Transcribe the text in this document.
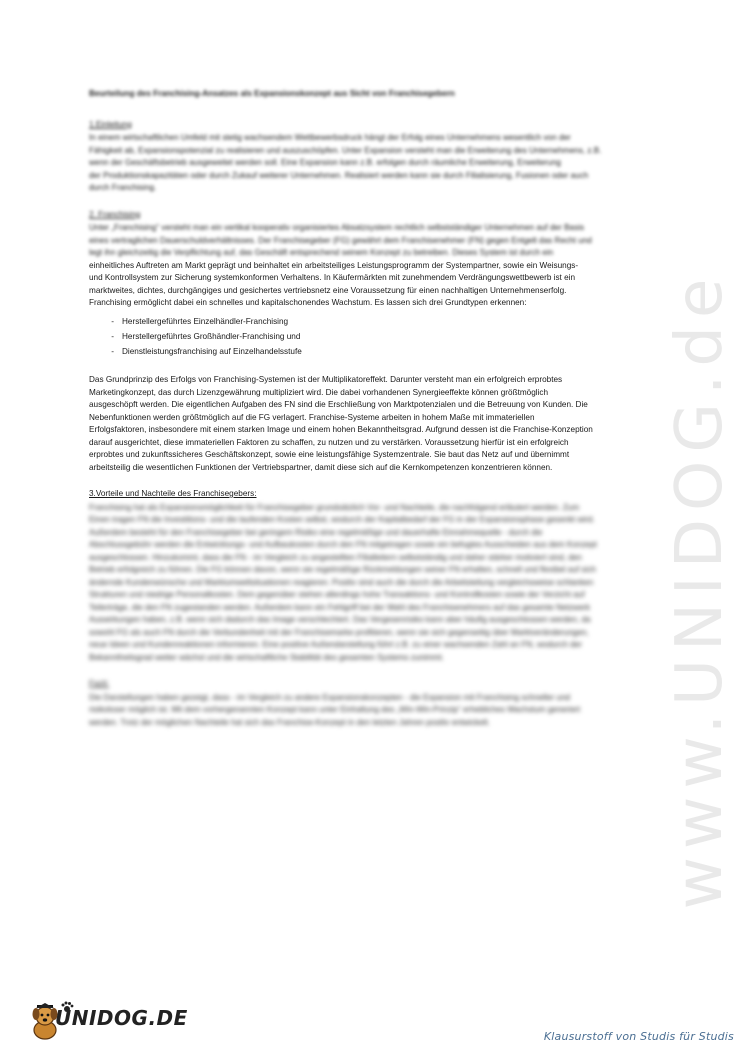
www.UNIDOG.de
Beurteilung des Franchising-Ansatzes als Expansionskonzept aus Sicht von Franchisegebern
1.Einleitung
In einem wirtschaftlichen Umfeld mit stetig wachsendem Wettbewerbsdruck hängt der Erfolg eines Unternehmens wesentlich von der
Fähigkeit ab, Expansionspotenzial zu realisieren und auszuschöpfen. Unter Expansion versteht man die Erweiterung des Unternehmens, z.B.
wenn der Geschäftsbetrieb ausgeweitet werden soll. Eine Expansion kann z.B. erfolgen durch räumliche Erweiterung, Erweiterung
der Produktionskapazitäten oder durch Zukauf weiterer Unternehmen. Realisiert werden kann sie durch Filialisierung, Fusionen oder auch
durch Franchising.
2. Franchising
Unter „Franchising“ versteht man ein vertikal kooperativ organisiertes Absatzsystem rechtlich selbstständiger Unternehmen auf der Basis
eines vertraglichen Dauerschuldverhältnisses. Der Franchisegeber (FG) gewährt dem Franchisenehmer (FN) gegen Entgelt das Recht und
legt ihn gleichzeitig die Verpflichtung auf, das Geschäft entsprechend seinem Konzept zu betreiben. Dieses System ist durch ein
einheitliches Auftreten am Markt geprägt und beinhaltet ein arbeitsteiliges Leistungsprogramm der Systempartner, sowie ein Weisungs-
und Kontrollsystem zur Sicherung systemkonformen Verhaltens. In Käufermärkten mit zunehmendem Verdrängungswettbewerb ist ein
marktweites, dichtes, durchgängiges und gesichertes vertriebsnetz eine Voraussetzung für einen nachhaltigen Unternehmenserfolg.
Franchising ermöglicht dabei ein schnelles und kapitalschonendes Wachstum. Es lassen sich drei Grundtypen erkennen:
- Herstellergeführtes Einzelhändler-Franchising
- Herstellergeführtes Großhändler-Franchising und
- Dienstleistungsfranchising auf Einzelhandelsstufe
Das Grundprinzip des Erfolgs von Franchising-Systemen ist der Multiplikatoreffekt. Darunter versteht man ein erfolgreich erprobtes
Marketingkonzept, das durch Lizenzgewährung multipliziert wird. Die dabei vorhandenen Synergieeffekte können größtmöglich
ausgeschöpft werden. Die eigentlichen Aufgaben des FN sind die Erschließung von Marktpotenzialen und die Betreuung von Kunden. Die
Nebenfunktionen werden größtmöglich auf die FG verlagert. Franchise-Systeme arbeiten in hohem Maße mit immateriellen
Erfolgsfaktoren, insbesondere mit einem starken Image und einem hohen Bekanntheitsgrad. Aufgrund dessen ist die Franchise-Konzeption
darauf ausgerichtet, diese immateriellen Faktoren zu schaffen, zu nutzen und zu verstärken. Voraussetzung hierfür ist ein erfolgreich
erprobtes und zukunftssicheres Geschäftskonzept, sowie eine leistungsfähige Systemzentrale. Sie baut das Netz auf und übernimmt
arbeitsteilig die wesentlichen Funktionen der Vertriebspartner, damit diese sich auf die Kernkompetenzen konzentrieren können.
3.Vorteile und Nachteile des Franchisegebers:
Franchising hat als Expansionsmöglichkeit für Franchisegeber grundsätzlich Vor- und Nachteile, die nachfolgend erläutert werden. Zum
Einen tragen FN die Investitions- und die laufenden Kosten selbst, wodurch der Kapitalbedarf der FG in der Expansionsphase gesenkt wird.
Außerdem besteht für den Franchisegeber bei geringem Risiko eine regelmäßige und dauerhafte Einnahmequelle - durch die
Abschlussgebühr werden die Entwicklungs- und Aufbaukosten durch den FN mitgetragen sowie ein befugtes Ausscheiden aus dem Konzept
ausgeschlossen. Hinzukommt, dass die FN - im Vergleich zu angestellten Filialleitern selbstständig und daher stärker motiviert sind, den
Betrieb erfolgreich zu führen. Die FG können davon, wenn sie regelmäßige Rückmeldungen seiner FN erhalten, schnell und flexibel auf sich
ändernde Kundenwünsche und Marktumweltsituationen reagieren. Positiv sind auch die durch die Arbeitsteilung vergleichsweise schlanken
Strukturen und niedrige Personalkosten. Dem gegenüber stehen allerdings hohe Transaktions- und Kontrollkosten sowie der Verzicht auf
Teilerträge, die den FN zugestanden werden. Außerdem kann ein Fehlgriff bei der Wahl des Franchisenehmers auf das gesamte Netzwerk
Auswirkungen haben, z.B. wenn sich dadurch das Image verschlechtert. Das Vergesenrisiko kann aber häufig ausgeschlossen werden, da
sowohl FG als auch FN durch die Verbundenheit mit der Franchisemarke profitieren, wenn sie sich gegenseitig über Marktveränderungen,
neue Ideen und Kundenreaktionen informieren. Eine positive Außendarstellung führt z.B. zu einer wachsenden Zahl an FN, wodurch der
Bekanntheitsgrad weiter wächst und die wirtschaftliche Stabilität des gesamten Systems zunimmt.
Fazit:
Die Darstellungen haben gezeigt, dass - im Vergleich zu andere Expansionskonzepten - die Expansion mit Franchising schneller und
risikoloser möglich ist. Mit dem vorhergenannten Konzept kann unter Einhaltung des „Win-Win-Prinzip“ erhebliches Wachstum generiert
werden. Trotz der möglichen Nachteile hat sich das Franchise-Konzept in den letzten Jahren positiv entwickelt.
UNIDOG.DE
Klausurstoff von Studis für Studis
